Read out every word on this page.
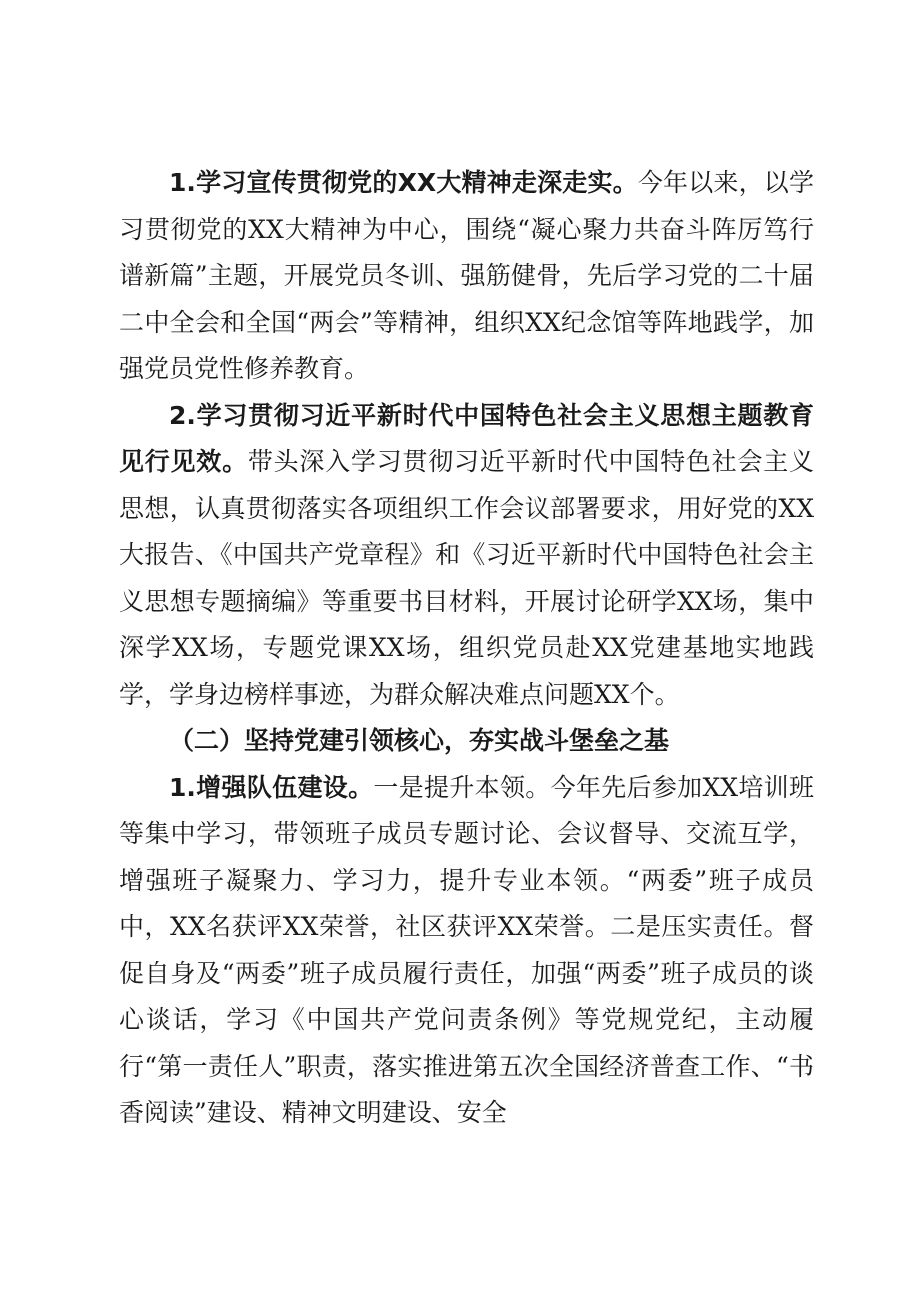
1.学习宣传贯彻党的XX大精神走深走实。今年以来，以学习贯彻党的XX大精神为中心，围绕“凝心聚力共奋斗阵厉笃行谱新篇”主题，开展党员冬训、强筋健骨，先后学习党的二十届二中全会和全国“两会”等精神，组织XX纪念馆等阵地践学，加强党员党性修养教育。

2.学习贯彻习近平新时代中国特色社会主义思想主题教育见行见效。带头深入学习贯彻习近平新时代中国特色社会主义思想，认真贯彻落实各项组织工作会议部署要求，用好党的XX大报告、《中国共产党章程》和《习近平新时代中国特色社会主义思想专题摘编》等重要书目材料，开展讨论研学XX场，集中深学XX场，专题党课XX场，组织党员赴XX党建基地实地践学，学身边榜样事迹，为群众解决难点问题XX个。

（二）坚持党建引领核心，夯实战斗堡垒之基

1.增强队伍建设。一是提升本领。今年先后参加XX培训班等集中学习，带领班子成员专题讨论、会议督导、交流互学，增强班子凝聚力、学习力，提升专业本领。“两委”班子成员中，XX名获评XX荣誉，社区获评XX荣誉。二是压实责任。督促自身及“两委”班子成员履行责任，加强“两委”班子成员的谈心谈话，学习《中国共产党问责条例》等党规党纪，主动履行“第一责任人”职责，落实推进第五次全国经济普查工作、“书香阅读”建设、精神文明建设、安全
